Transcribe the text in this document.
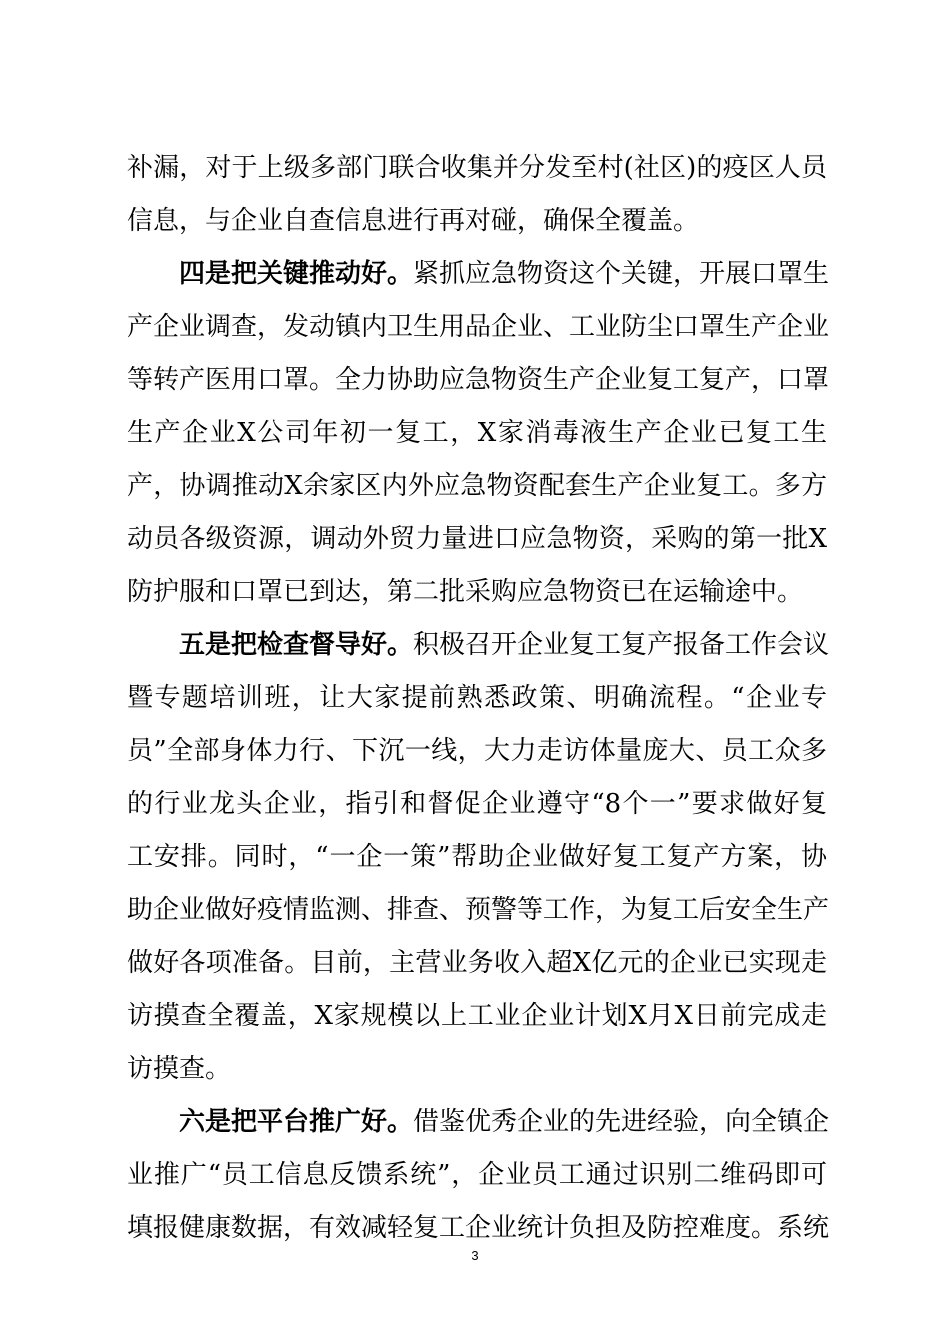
补漏，对于上级多部门联合收集并分发至村(社区)的疫区人员
信息，与企业自查信息进行再对碰，确保全覆盖。
四是把关键推动好。紧抓应急物资这个关键，开展口罩生
产企业调查，发动镇内卫生用品企业、工业防尘口罩生产企业
等转产医用口罩。全力协助应急物资生产企业复工复产，口罩
生产企业X公司年初一复工，X家消毒液生产企业已复工生
产，协调推动X余家区内外应急物资配套生产企业复工。多方
动员各级资源，调动外贸力量进口应急物资，采购的第一批X
防护服和口罩已到达，第二批采购应急物资已在运输途中。
五是把检查督导好。积极召开企业复工复产报备工作会议
暨专题培训班，让大家提前熟悉政策、明确流程。“企业专
员”全部身体力行、下沉一线，大力走访体量庞大、员工众多
的行业龙头企业，指引和督促企业遵守“8个一”要求做好复
工安排。同时，“一企一策”帮助企业做好复工复产方案，协
助企业做好疫情监测、排查、预警等工作，为复工后安全生产
做好各项准备。目前，主营业务收入超X亿元的企业已实现走
访摸查全覆盖，X家规模以上工业企业计划X月X日前完成走
访摸查。
六是把平台推广好。借鉴优秀企业的先进经验，向全镇企
业推广“员工信息反馈系统”，企业员工通过识别二维码即可
填报健康数据，有效减轻复工企业统计负担及防控难度。系统
3
